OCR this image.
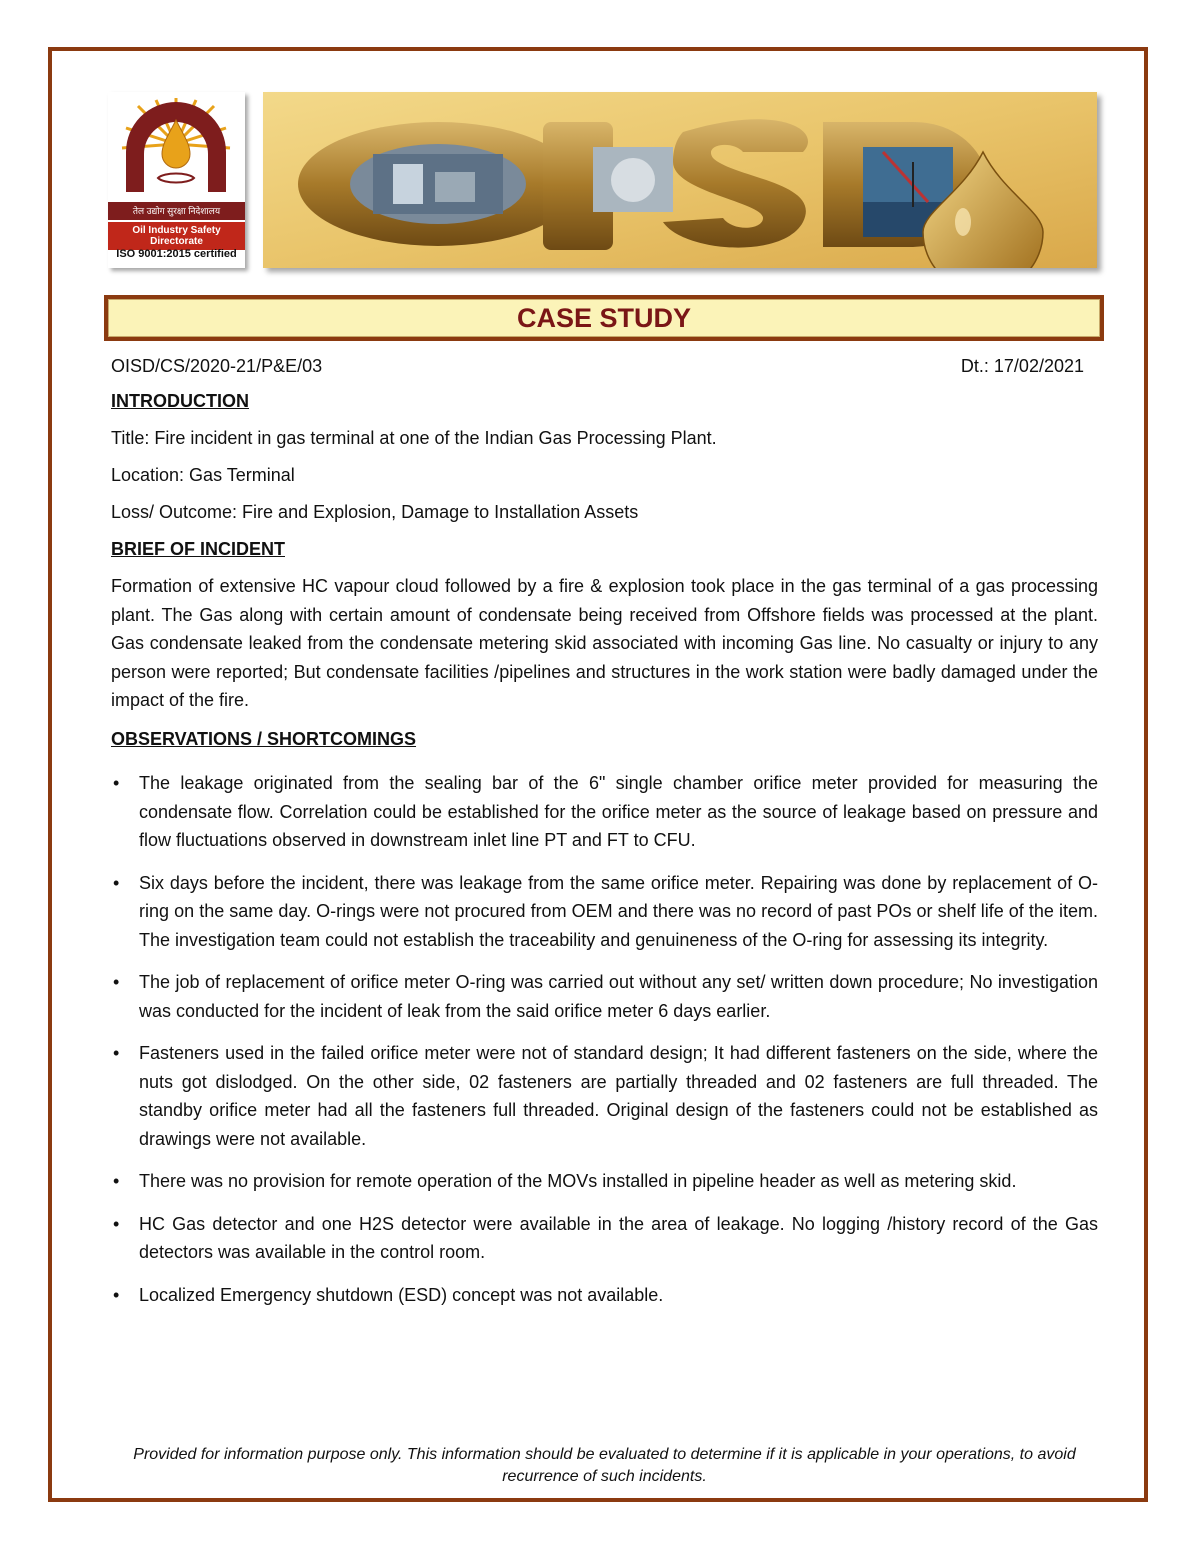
तेल उद्योग सुरक्षा निदेशालय
Oil Industry Safety Directorate
ISO 9001:2015 certified
CASE STUDY
OISD/CS/2020-21/P&E/03	Dt.: 17/02/2021
INTRODUCTION
Title: Fire incident in gas terminal at one of the Indian Gas Processing Plant.
Location: Gas Terminal
Loss/ Outcome: Fire and Explosion, Damage to Installation Assets
BRIEF OF INCIDENT
Formation of extensive HC vapour cloud followed by a fire & explosion took place in the gas terminal of a gas processing plant. The Gas along with certain amount of condensate being received from Offshore fields was processed at the plant. Gas condensate leaked from the condensate metering skid associated with incoming Gas line. No casualty or injury to any person were reported; But condensate facilities /pipelines and structures in the work station were badly damaged under the impact of the fire.
OBSERVATIONS / SHORTCOMINGS
• The leakage originated from the sealing bar of the 6" single chamber orifice meter provided for measuring the condensate flow. Correlation could be established for the orifice meter as the source of leakage based on pressure and flow fluctuations observed in downstream inlet line PT and FT to CFU.
• Six days before the incident, there was leakage from the same orifice meter. Repairing was done by replacement of O-ring on the same day. O-rings were not procured from OEM and there was no record of past POs or shelf life of the item. The investigation team could not establish the traceability and genuineness of the O-ring for assessing its integrity.
• The job of replacement of orifice meter O-ring was carried out without any set/ written down procedure; No investigation was conducted for the incident of leak from the said orifice meter 6 days earlier.
• Fasteners used in the failed orifice meter were not of standard design; It had different fasteners on the side, where the nuts got dislodged. On the other side, 02 fasteners are partially threaded and 02 fasteners are full threaded. The standby orifice meter had all the fasteners full threaded. Original design of the fasteners could not be established as drawings were not available.
• There was no provision for remote operation of the MOVs installed in pipeline header as well as metering skid.
• HC Gas detector and one H2S detector were available in the area of leakage. No logging /history record of the Gas detectors was available in the control room.
• Localized Emergency shutdown (ESD) concept was not available.
Provided for information purpose only. This information should be evaluated to determine if it is applicable in your operations, to avoid recurrence of such incidents.
